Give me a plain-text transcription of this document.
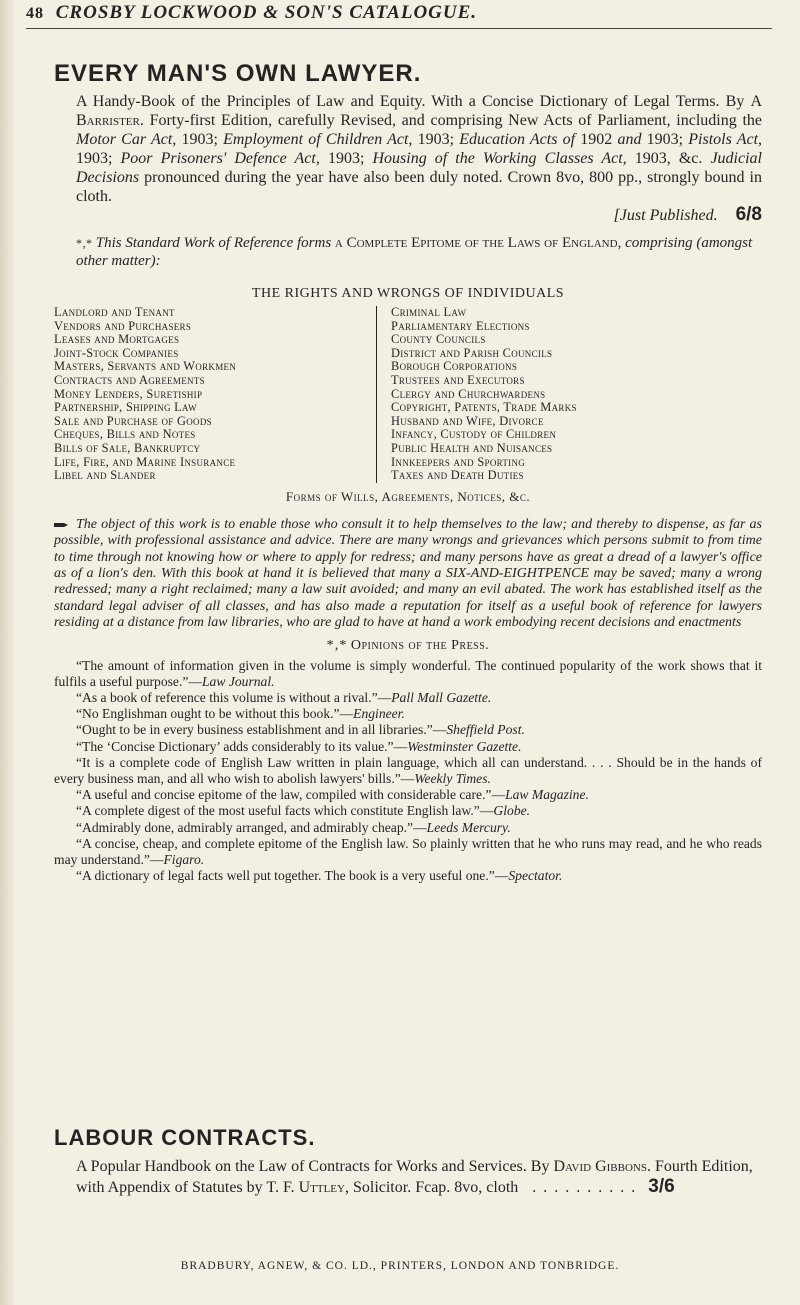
48 CROSBY LOCKWOOD & SON'S CATALOGUE.
EVERY MAN'S OWN LAWYER.

A Handy-Book of the Principles of Law and Equity. With a Concise Dictionary of Legal Terms. By A Barrister. Forty-first Edition, carefully Revised, and comprising New Acts of Parliament, including the Motor Car Act, 1903; Employment of Children Act, 1903; Education Acts of 1902 and 1903; Pistols Act, 1903; Poor Prisoners' Defence Act, 1903; Housing of the Working Classes Act, 1903, &c. Judicial Decisions pronounced during the year have also been duly noted. Crown 8vo, 800 pp., strongly bound in cloth.

[Just Published. 6/8

*‚* This Standard Work of Reference forms a Complete Epitome of the Laws of England, comprising (amongst other matter):

THE RIGHTS AND WRONGS OF INDIVIDUALS
Landlord and Tenant
Vendors and Purchasers
Leases and Mortgages
Joint-Stock Companies
Masters, Servants and Workmen
Contracts and Agreements
Money Lenders, Suretiship
Partnership, Shipping Law
Sale and Purchase of Goods
Cheques, Bills and Notes
Bills of Sale, Bankruptcy
Life, Fire, and Marine Insurance
Libel and Slander
Criminal Law
Parliamentary Elections
County Councils
District and Parish Councils
Borough Corporations
Trustees and Executors
Clergy and Churchwardens
Copyright, Patents, Trade Marks
Husband and Wife, Divorce
Infancy, Custody of Children
Public Health and Nuisances
Innkeepers and Sporting
Taxes and Death Duties
Forms of Wills, Agreements, Notices, &c.

The object of this work is to enable those who consult it to help themselves to the law; and thereby to dispense, as far as possible, with professional assistance and advice. There are many wrongs and grievances which persons submit to from time to time through not knowing how or where to apply for redress; and many persons have as great a dread of a lawyer's office as of a lion's den. With this book at hand it is believed that many a SIX-AND-EIGHTPENCE may be saved; many a wrong redressed; many a right reclaimed; many a law suit avoided; and many an evil abated. The work has established itself as the standard legal adviser of all classes, and has also made a reputation for itself as a useful book of reference for lawyers residing at a distance from law libraries, who are glad to have at hand a work embodying recent decisions and enactments

*‚* Opinions of the Press.

“The amount of information given in the volume is simply wonderful. The continued popularity of the work shows that it fulfils a useful purpose.”—Law Journal.

“As a book of reference this volume is without a rival.”—Pall Mall Gazette.

“No Englishman ought to be without this book.”—Engineer.

“Ought to be in every business establishment and in all libraries.”—Sheffield Post.

“The ‘Concise Dictionary’ adds considerably to its value.”—Westminster Gazette.

“It is a complete code of English Law written in plain language, which all can understand. . . . Should be in the hands of every business man, and all who wish to abolish lawyers' bills.”—Weekly Times.

“A useful and concise epitome of the law, compiled with considerable care.”—Law Magazine.

“A complete digest of the most useful facts which constitute English law.”—Globe.

“Admirably done, admirably arranged, and admirably cheap.”—Leeds Mercury.

“A concise, cheap, and complete epitome of the English law. So plainly written that he who runs may read, and he who reads may understand.”—Figaro.

“A dictionary of legal facts well put together. The book is a very useful one.”—Spectator.

LABOUR CONTRACTS.

A Popular Handbook on the Law of Contracts for Works and Services. By David Gibbons. Fourth Edition, with Appendix of Statutes by T. F. Uttley, Solicitor. Fcap. 8vo, cloth .......... 3/6

BRADBURY, AGNEW, & CO. LD., PRINTERS, LONDON AND TONBRIDGE.
